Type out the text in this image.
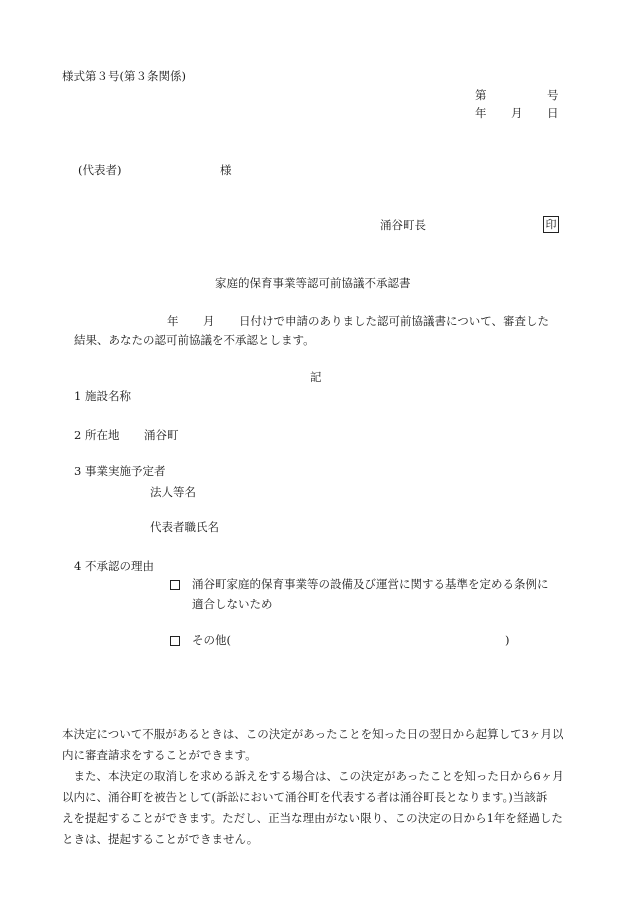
様式第３号(第３条関係)
第	号
年 月 日
(代表者)	様
涌谷町長	印
家庭的保育事業等認可前協議不承認書
年 月 日付けで申請のありました認可前協議書について、審査した
結果、あなたの認可前協議を不承認とします。
記
1 施設名称
2 所在地 涌谷町
3 事業実施予定者
法人等名
代表者職氏名
4 不承認の理由
涌谷町家庭的保育事業等の設備及び運営に関する基準を定める条例に
適合しないため
その他(	)
本決定について不服があるときは、この決定があったことを知った日の翌日から起算して3ヶ月以
内に審査請求をすることができます。
　また、本決定の取消しを求める訴えをする場合は、この決定があったことを知った日から6ヶ月
以内に、涌谷町を被告として(訴訟において涌谷町を代表する者は涌谷町長となります。)当該訴
えを提起することができます。ただし、正当な理由がない限り、この決定の日から1年を経過した
ときは、提起することができません。
